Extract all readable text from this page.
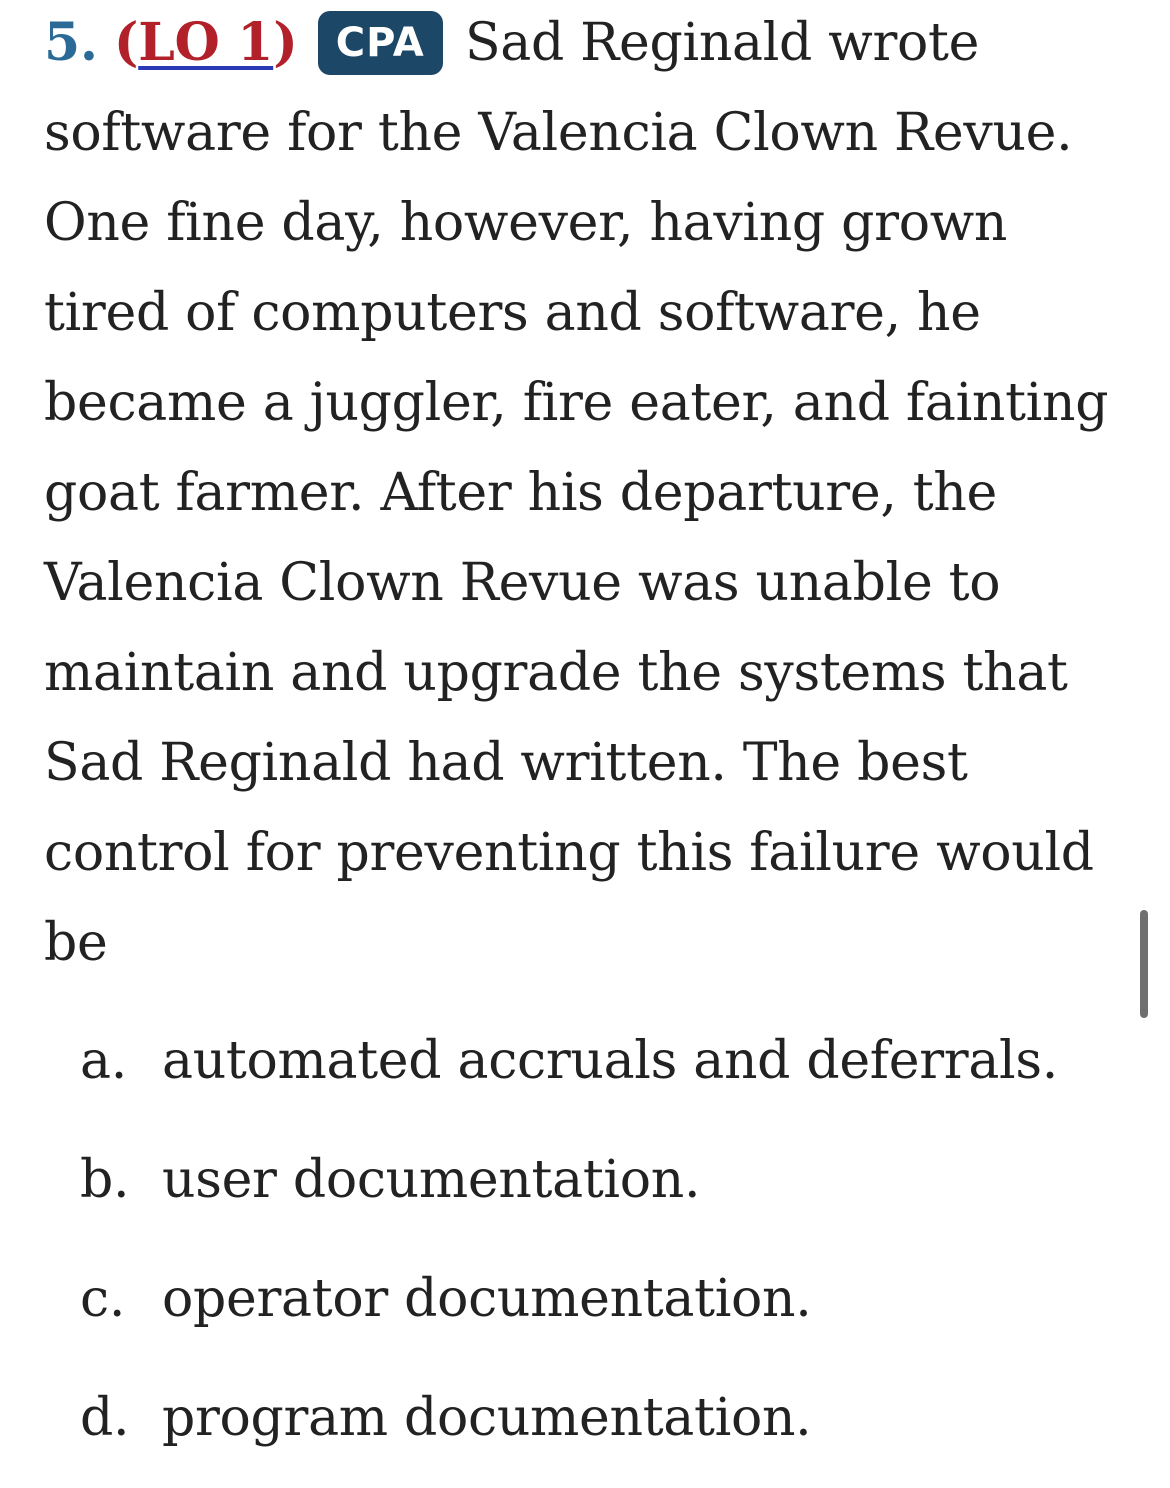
5. (LO 1) CPA Sad Reginald wrote software for the Valencia Clown Revue. One fine day, however, having grown tired of computers and software, he became a juggler, fire eater, and fainting goat farmer. After his departure, the Valencia Clown Revue was unable to maintain and upgrade the systems that Sad Reginald had written. The best control for preventing this failure would be

a. automated accruals and deferrals.
b. user documentation.
c. operator documentation.
d. program documentation.
